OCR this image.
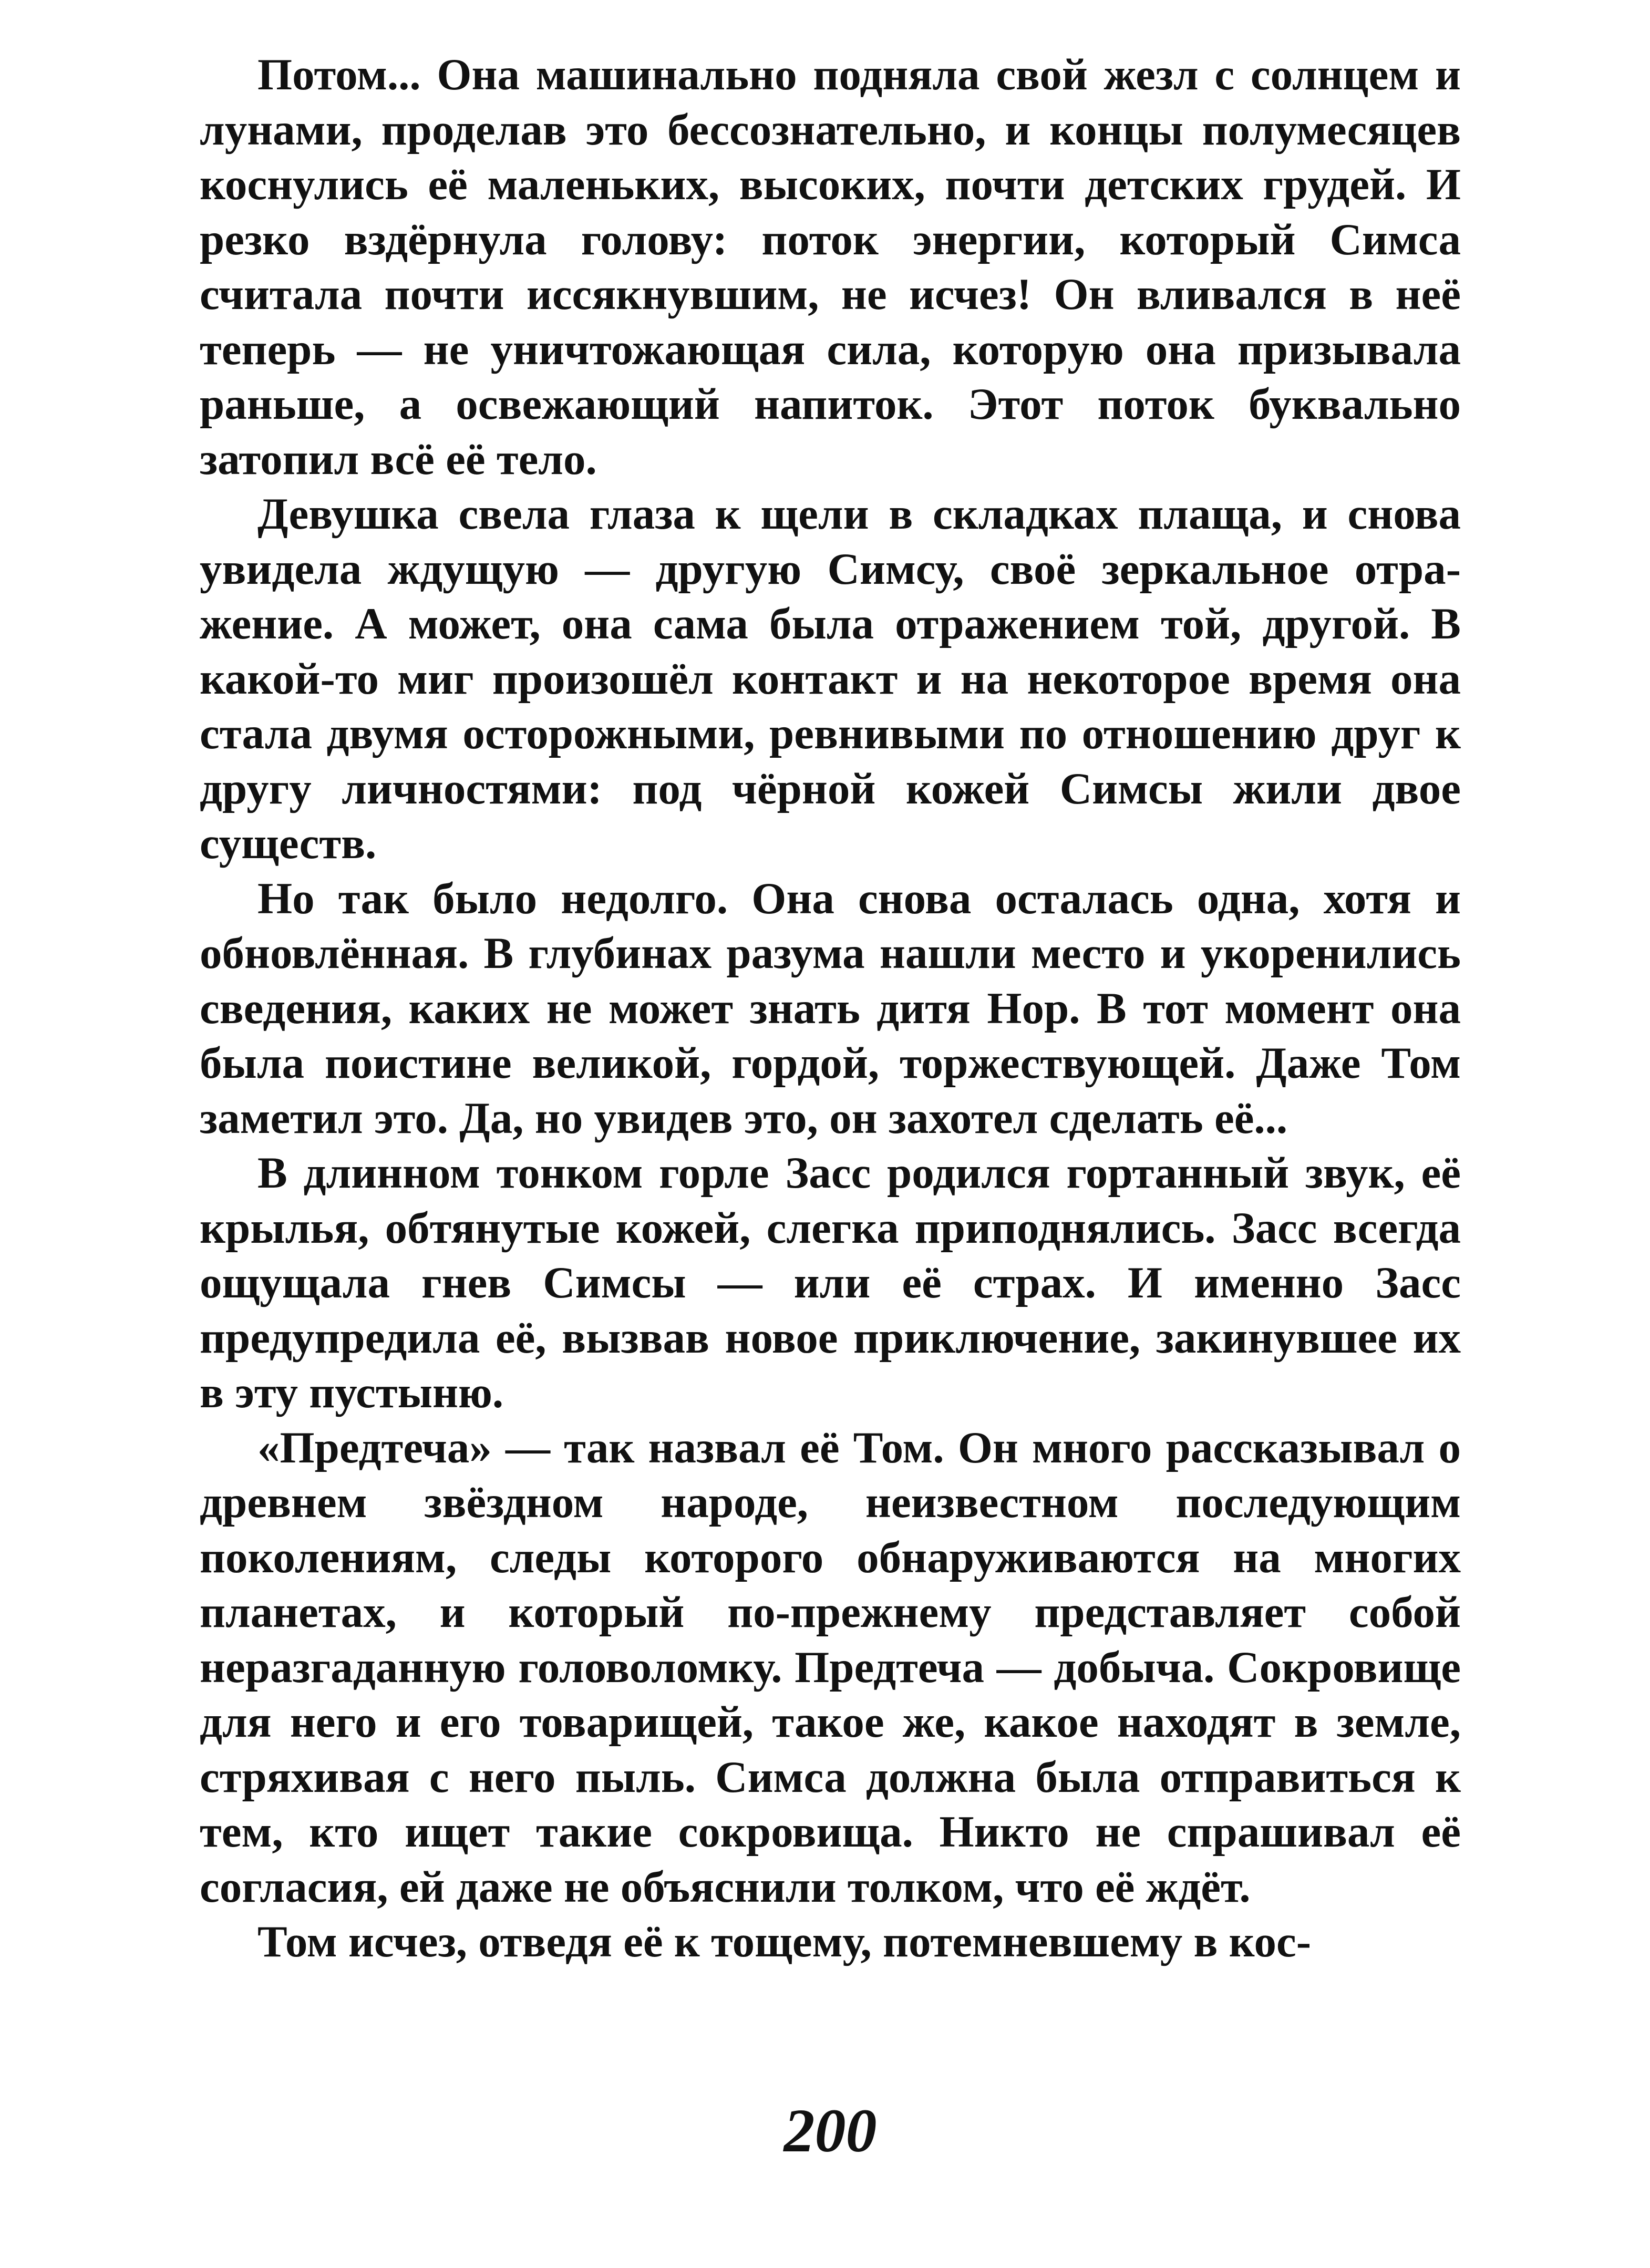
Потом... Она машинально подняла свой жезл с солнцем и лунами, проделав это бессознательно, и концы полумесяцев коснулись её маленьких, высоких, почти детских грудей. И резко вздёрнула голову: поток энергии, который Симса считала почти иссякнувшим, не исчез! Он вливался в неё теперь — не уничтожающая сила, которую она призывала раньше, а освежающий напиток. Этот поток буквально затопил всё её тело.

Девушка свела глаза к щели в складках плаща, и снова увидела ждущую — другую Симсу, своё зеркальное отражение. А может, она сама была отражением той, другой. В какой-то миг произошёл контакт и на некоторое время она стала двумя осторожными, ревнивыми по отношению друг к другу личностями: под чёрной кожей Симсы жили двое существ.

Но так было недолго. Она снова осталась одна, хотя и обновлённая. В глубинах разума нашли место и укоренились сведения, каких не может знать дитя Нор. В тот момент она была поистине великой, гордой, торжествующей. Даже Том заметил это. Да, но увидев это, он захотел сделать её...

В длинном тонком горле Засс родился гортанный звук, её крылья, обтянутые кожей, слегка приподнялись. Засс всегда ощущала гнев Симсы — или её страх. И именно Засс предупредила её, вызвав новое приключение, закинувшее их в эту пустыню.

«Предтеча» — так назвал её Том. Он много рассказывал о древнем звёздном народе, неизвестном последующим поколениям, следы которого обнаруживаются на многих планетах, и который по-прежнему представляет собой неразгаданную головоломку. Предтеча — добыча. Сокровище для него и его товарищей, такое же, какое находят в земле, стряхивая с него пыль. Симса должна была отправиться к тем, кто ищет такие сокровища. Никто не спрашивал её согласия, ей даже не объяснили толком, что её ждёт.

Том исчез, отведя её к тощему, потемневшему в кос-

200
